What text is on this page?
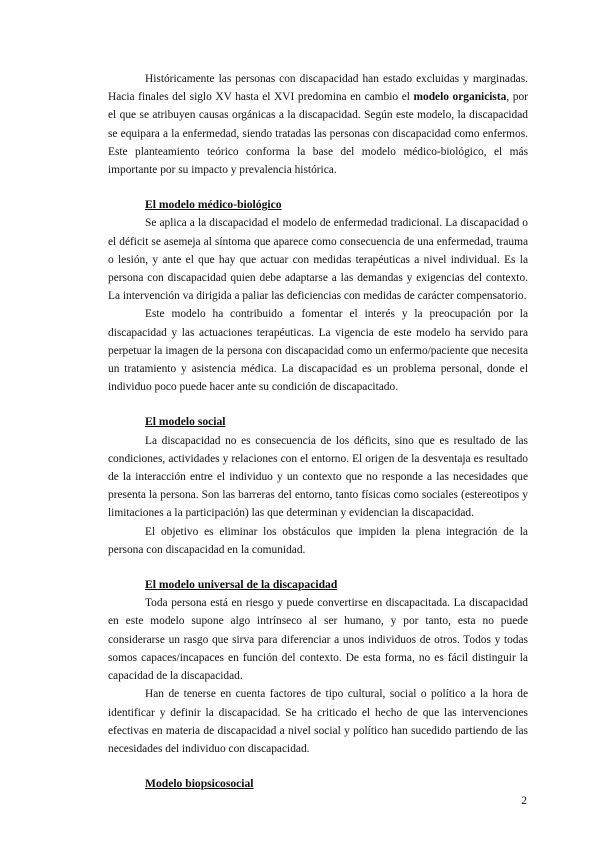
Históricamente las personas con discapacidad han estado excluidas y marginadas. Hacia finales del siglo XV hasta el XVI predomina en cambio el modelo organicista, por el que se atribuyen causas orgánicas a la discapacidad. Según este modelo, la discapacidad se equipara a la enfermedad, siendo tratadas las personas con discapacidad como enfermos. Este planteamiento teórico conforma la base del modelo médico-biológico, el más importante por su impacto y prevalencia histórica.

El modelo médico-biológico

Se aplica a la discapacidad el modelo de enfermedad tradicional. La discapacidad o el déficit se asemeja al síntoma que aparece como consecuencia de una enfermedad, trauma o lesión, y ante el que hay que actuar con medidas terapéuticas a nivel individual. Es la persona con discapacidad quien debe adaptarse a las demandas y exigencias del contexto. La intervención va dirigida a paliar las deficiencias con medidas de carácter compensatorio.

Este modelo ha contribuido a fomentar el interés y la preocupación por la discapacidad y las actuaciones terapéuticas. La vigencia de este modelo ha servido para perpetuar la imagen de la persona con discapacidad como un enfermo/paciente que necesita un tratamiento y asistencia médica. La discapacidad es un problema personal, donde el individuo poco puede hacer ante su condición de discapacitado.

El modelo social

La discapacidad no es consecuencia de los déficits, sino que es resultado de las condiciones, actividades y relaciones con el entorno. El origen de la desventaja es resultado de la interacción entre el individuo y un contexto que no responde a las necesidades que presenta la persona. Son las barreras del entorno, tanto físicas como sociales (estereotipos y limitaciones a la participación) las que determinan y evidencian la discapacidad.

El objetivo es eliminar los obstáculos que impiden la plena integración de la persona con discapacidad en la comunidad.

El modelo universal de la discapacidad

Toda persona está en riesgo y puede convertirse en discapacitada. La discapacidad en este modelo supone algo intrínseco al ser humano, y por tanto, esta no puede considerarse un rasgo que sirva para diferenciar a unos individuos de otros. Todos y todas somos capaces/incapaces en función del contexto. De esta forma, no es fácil distinguir la capacidad de la discapacidad.

Han de tenerse en cuenta factores de tipo cultural, social o político a la hora de identificar y definir la discapacidad. Se ha criticado el hecho de que las intervenciones efectivas en materia de discapacidad a nivel social y político han sucedido partiendo de las necesidades del individuo con discapacidad.

Modelo biopsicosocial
2
